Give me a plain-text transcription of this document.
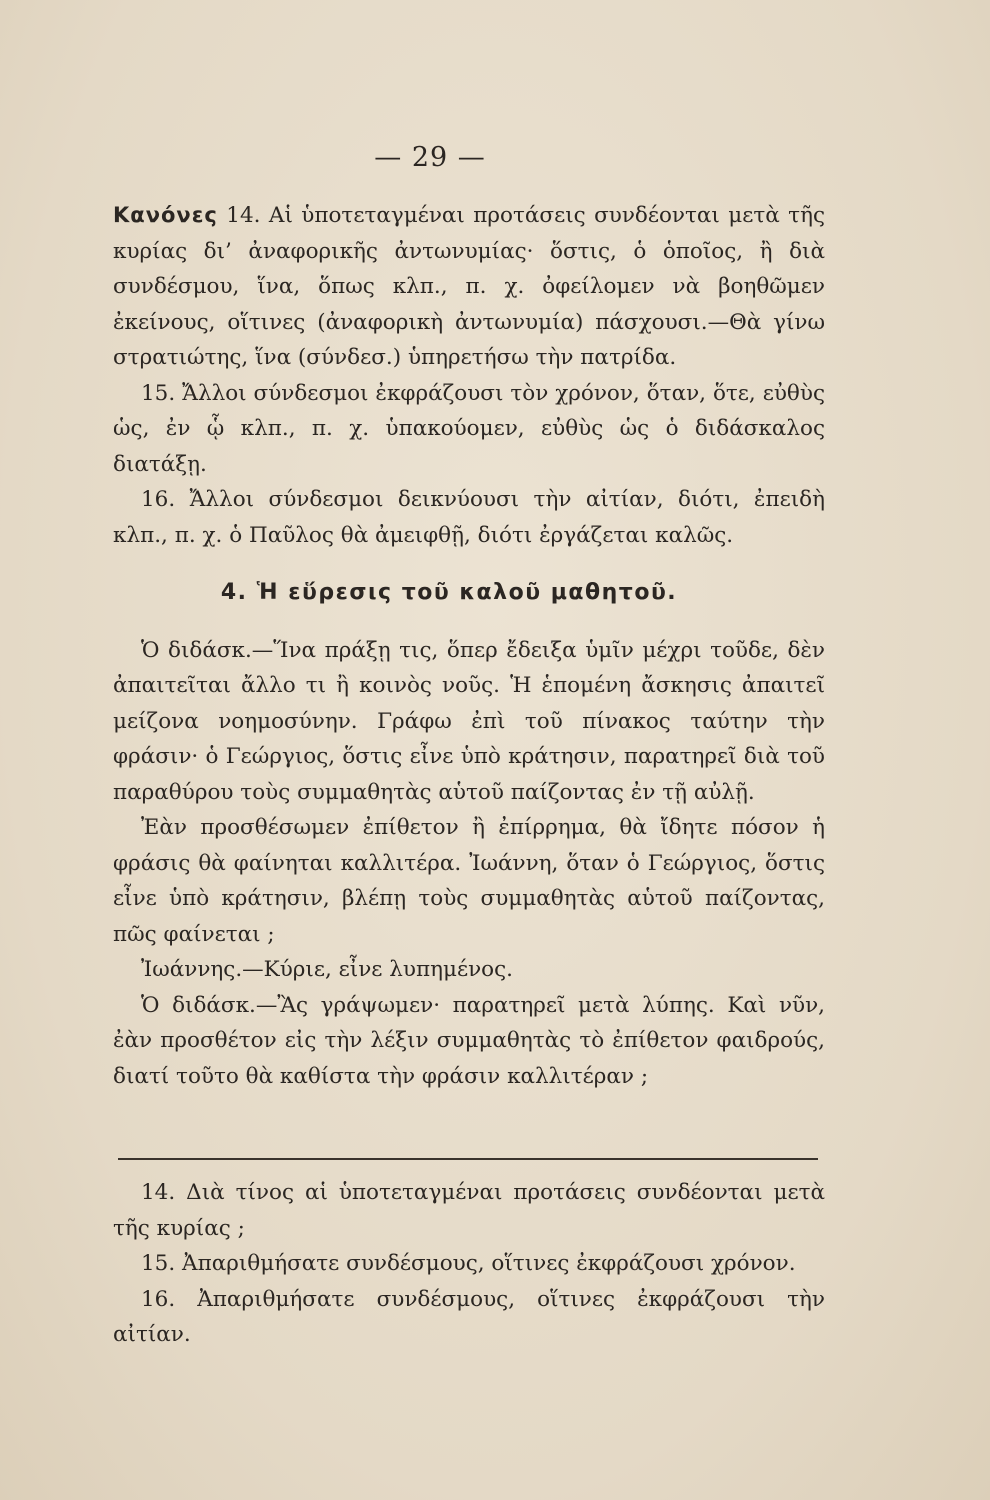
— 29 —

Κανόνες 14. Αἱ ὑποτεταγμέναι προτάσεις συνδέονται μετὰ τῆς κυρίας δι’ ἀναφορικῆς ἀντωνυμίας· ὅστις, ὁ ὁποῖος, ἢ διὰ συνδέσμου, ἵνα, ὅπως κλπ., π. χ. ὀφείλομεν νὰ βοηθῶμεν ἐκείνους, οἵτινες (ἀναφορικὴ ἀντωνυμία) πάσχουσι.—Θὰ γίνω στρατιώτης, ἵνα (σύνδεσ.) ὑπηρετήσω τὴν πατρίδα.

15. Ἄλλοι σύνδεσμοι ἐκφράζουσι τὸν χρόνον, ὅταν, ὅτε, εὐθὺς ὡς, ἐν ᾧ κλπ., π. χ. ὑπακούομεν, εὐθὺς ὡς ὁ διδάσκαλος διατάξῃ.

16. Ἄλλοι σύνδεσμοι δεικνύουσι τὴν αἰτίαν, διότι, ἐπειδὴ κλπ., π. χ. ὁ Παῦλος θὰ ἀμειφθῇ, διότι ἐργάζεται καλῶς.

4. Ἡ εὕρεσις τοῦ καλοῦ μαθητοῦ.

Ὁ διδάσκ.—Ἵνα πράξῃ τις, ὅπερ ἔδειξα ὑμῖν μέχρι τοῦδε, δὲν ἀπαιτεῖται ἄλλο τι ἢ κοινὸς νοῦς. Ἡ ἑπομένη ἄσκησις ἀπαιτεῖ μείζονα νοημοσύνην. Γράφω ἐπὶ τοῦ πίνακος ταύτην τὴν φράσιν· ὁ Γεώργιος, ὅστις εἶνε ὑπὸ κράτησιν, παρατηρεῖ διὰ τοῦ παραθύρου τοὺς συμμαθητὰς αὑτοῦ παίζοντας ἐν τῇ αὐλῇ.

Ἐὰν προσθέσωμεν ἐπίθετον ἢ ἐπίρρημα, θὰ ἴδητε πόσον ἡ φράσις θὰ φαίνηται καλλιτέρα. Ἰωάννη, ὅταν ὁ Γεώργιος, ὅστις εἶνε ὑπὸ κράτησιν, βλέπῃ τοὺς συμμαθητὰς αὑτοῦ παίζοντας, πῶς φαίνεται ;

Ἰωάννης.—Κύριε, εἶνε λυπημένος.

Ὁ διδάσκ.—Ἂς γράψωμεν· παρατηρεῖ μετὰ λύπης. Καὶ νῦν, ἐὰν προσθέτον εἰς τὴν λέξιν συμμαθητὰς τὸ ἐπίθετον φαιδρούς, διατί τοῦτο θὰ καθίστα τὴν φράσιν καλλιτέραν ;

14. Διὰ τίνος αἱ ὑποτεταγμέναι προτάσεις συνδέονται μετὰ τῆς κυρίας ;

15. Ἀπαριθμήσατε συνδέσμους, οἵτινες ἐκφράζουσι χρόνον.

16. Ἀπαριθμήσατε συνδέσμους, οἵτινες ἐκφράζουσι τὴν αἰτίαν.
